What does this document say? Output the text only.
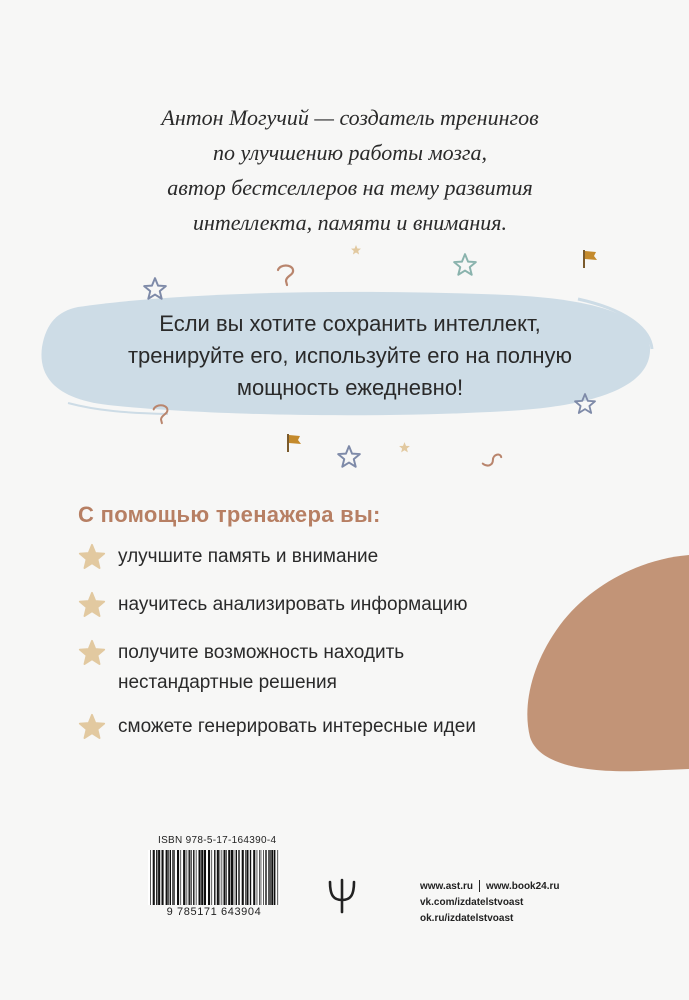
Антон Могучий — создатель тренингов
по улучшению работы мозга,
автор бестселлеров на тему развития
интеллекта, памяти и внимания.
Если вы хотите сохранить интеллект,
тренируйте его, используйте его на полную
мощность ежедневно!
С помощью тренажера вы:
улучшите память и внимание
научитесь анализировать информацию
получите возможность находить
нестандартные решения
сможете генерировать интересные идеи
ISBN 978-5-17-164390-4
9 785171 643904
www.ast.ru www.book24.ru
vk.com/izdatelstvoast
ok.ru/izdatelstvoast
